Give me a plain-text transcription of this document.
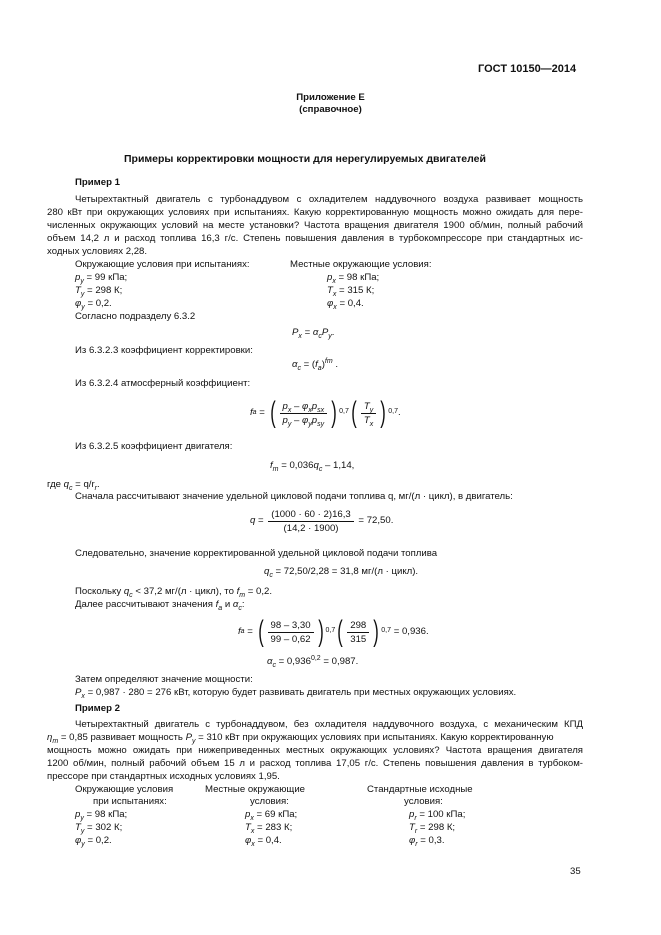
ГОСТ 10150—2014
Приложение Е
(справочное)
Примеры корректировки мощности для нерегулируемых двигателей
Пример 1
Четырехтактный двигатель с турбонаддувом с охладителем наддувочного воздуха развивает мощность
280 кВт при окружающих условиях при испытаниях. Какую корректированную мощность можно ожидать для пере-
численных окружающих условий на месте установки? Частота вращения двигателя 1900 об/мин, полный рабочий
объем 14,2 л и расход топлива 16,3 г/с. Степень повышения давления в турбокомпрессоре при стандартных ис-
ходных условиях 2,28.
Окружающие условия при испытаниях:
$p_y = 99$ кПа;
$T_y = 298$ К;
$\varphi_y = 0,2$.
Местные окружающие условия:
$p_x = 98$ кПа;
$T_x = 315$ К;
$\varphi_x = 0,4$.
Согласно подразделу 6.3.2
$P_x = \alpha_cP_y$.
Из 6.3.2.3 коэффициент корректировки:
$\alpha_c = (f_a)^{fm}$ .
Из 6.3.2.4 атмосферный коэффициент:
f a = ( $\frac{p_x - \varphi_xp_{sx}}{p_y - \varphi_yp_{sy}}$ ) 0,7 ( $\frac{T_y}{T_x}$ ) 0,7 .
Из 6.3.2.5 коэффициент двигателя:
$f_m = 0,036q_c - 1,14$,
где $q_c = q/r_r$.
Сначала рассчитывают значение удельной цикловой подачи топлива q, мг/(л · цикл), в двигатель:
$q = \frac{(1000 \cdot 60 \cdot 2)16,3}{(14,2 \cdot 1900)}$
= 72,50.
Следовательно, значение корректированной удельной цикловой подачи топлива
$q_c = 72,50/2,28 = 31,8$ мг/(л · цикл).
Поскольку $q_c < 37,2$ мг/(л · цикл), то $f_m = 0,2$.
Далее рассчитывают значения $f_a$ и $\alpha_c$:
f a = ( $\frac{98 - 3,30}{99 - 0,62}$ ) 0,7 ( $\frac{298}{315}$ ) 0,7
= 0,936.
$\alpha_c = 0,936^{0,2} = 0,987$.
Затем определяют значение мощности:
$P_x = 0,987 \cdot 280 = 276$ кВт, которую будет развивать двигатель при местных окружающих условиях.
Пример 2
Четырехтактный двигатель с турбонаддувом, без охладителя наддувочного воздуха, с механическим КПД
$\eta_m = 0,85$ развивает мощность $P_y = 310$ кВт при окружающих условиях при испытаниях. Какую корректированную
мощность можно ожидать при нижеприведенных местных окружающих условиях? Частота вращения двигателя
1200 об/мин, полный рабочий объем 15 л и расход топлива 17,05 г/с. Степень повышения давления в турбоком-
прессоре при стандартных исходных условиях 1,95.
Окружающие условия
при испытаниях:
$p_y = 98$ кПа;
$T_y = 302$ К;
$\varphi_y = 0,2$.
Местные окружающие
условия:
$p_x = 69$ кПа;
$T_x = 283$ К;
$\varphi_x = 0,4$.
Стандартные исходные
условия:
$p_r = 100$ кПа;
$T_r = 298$ К;
$\varphi_r = 0,3$.
35
